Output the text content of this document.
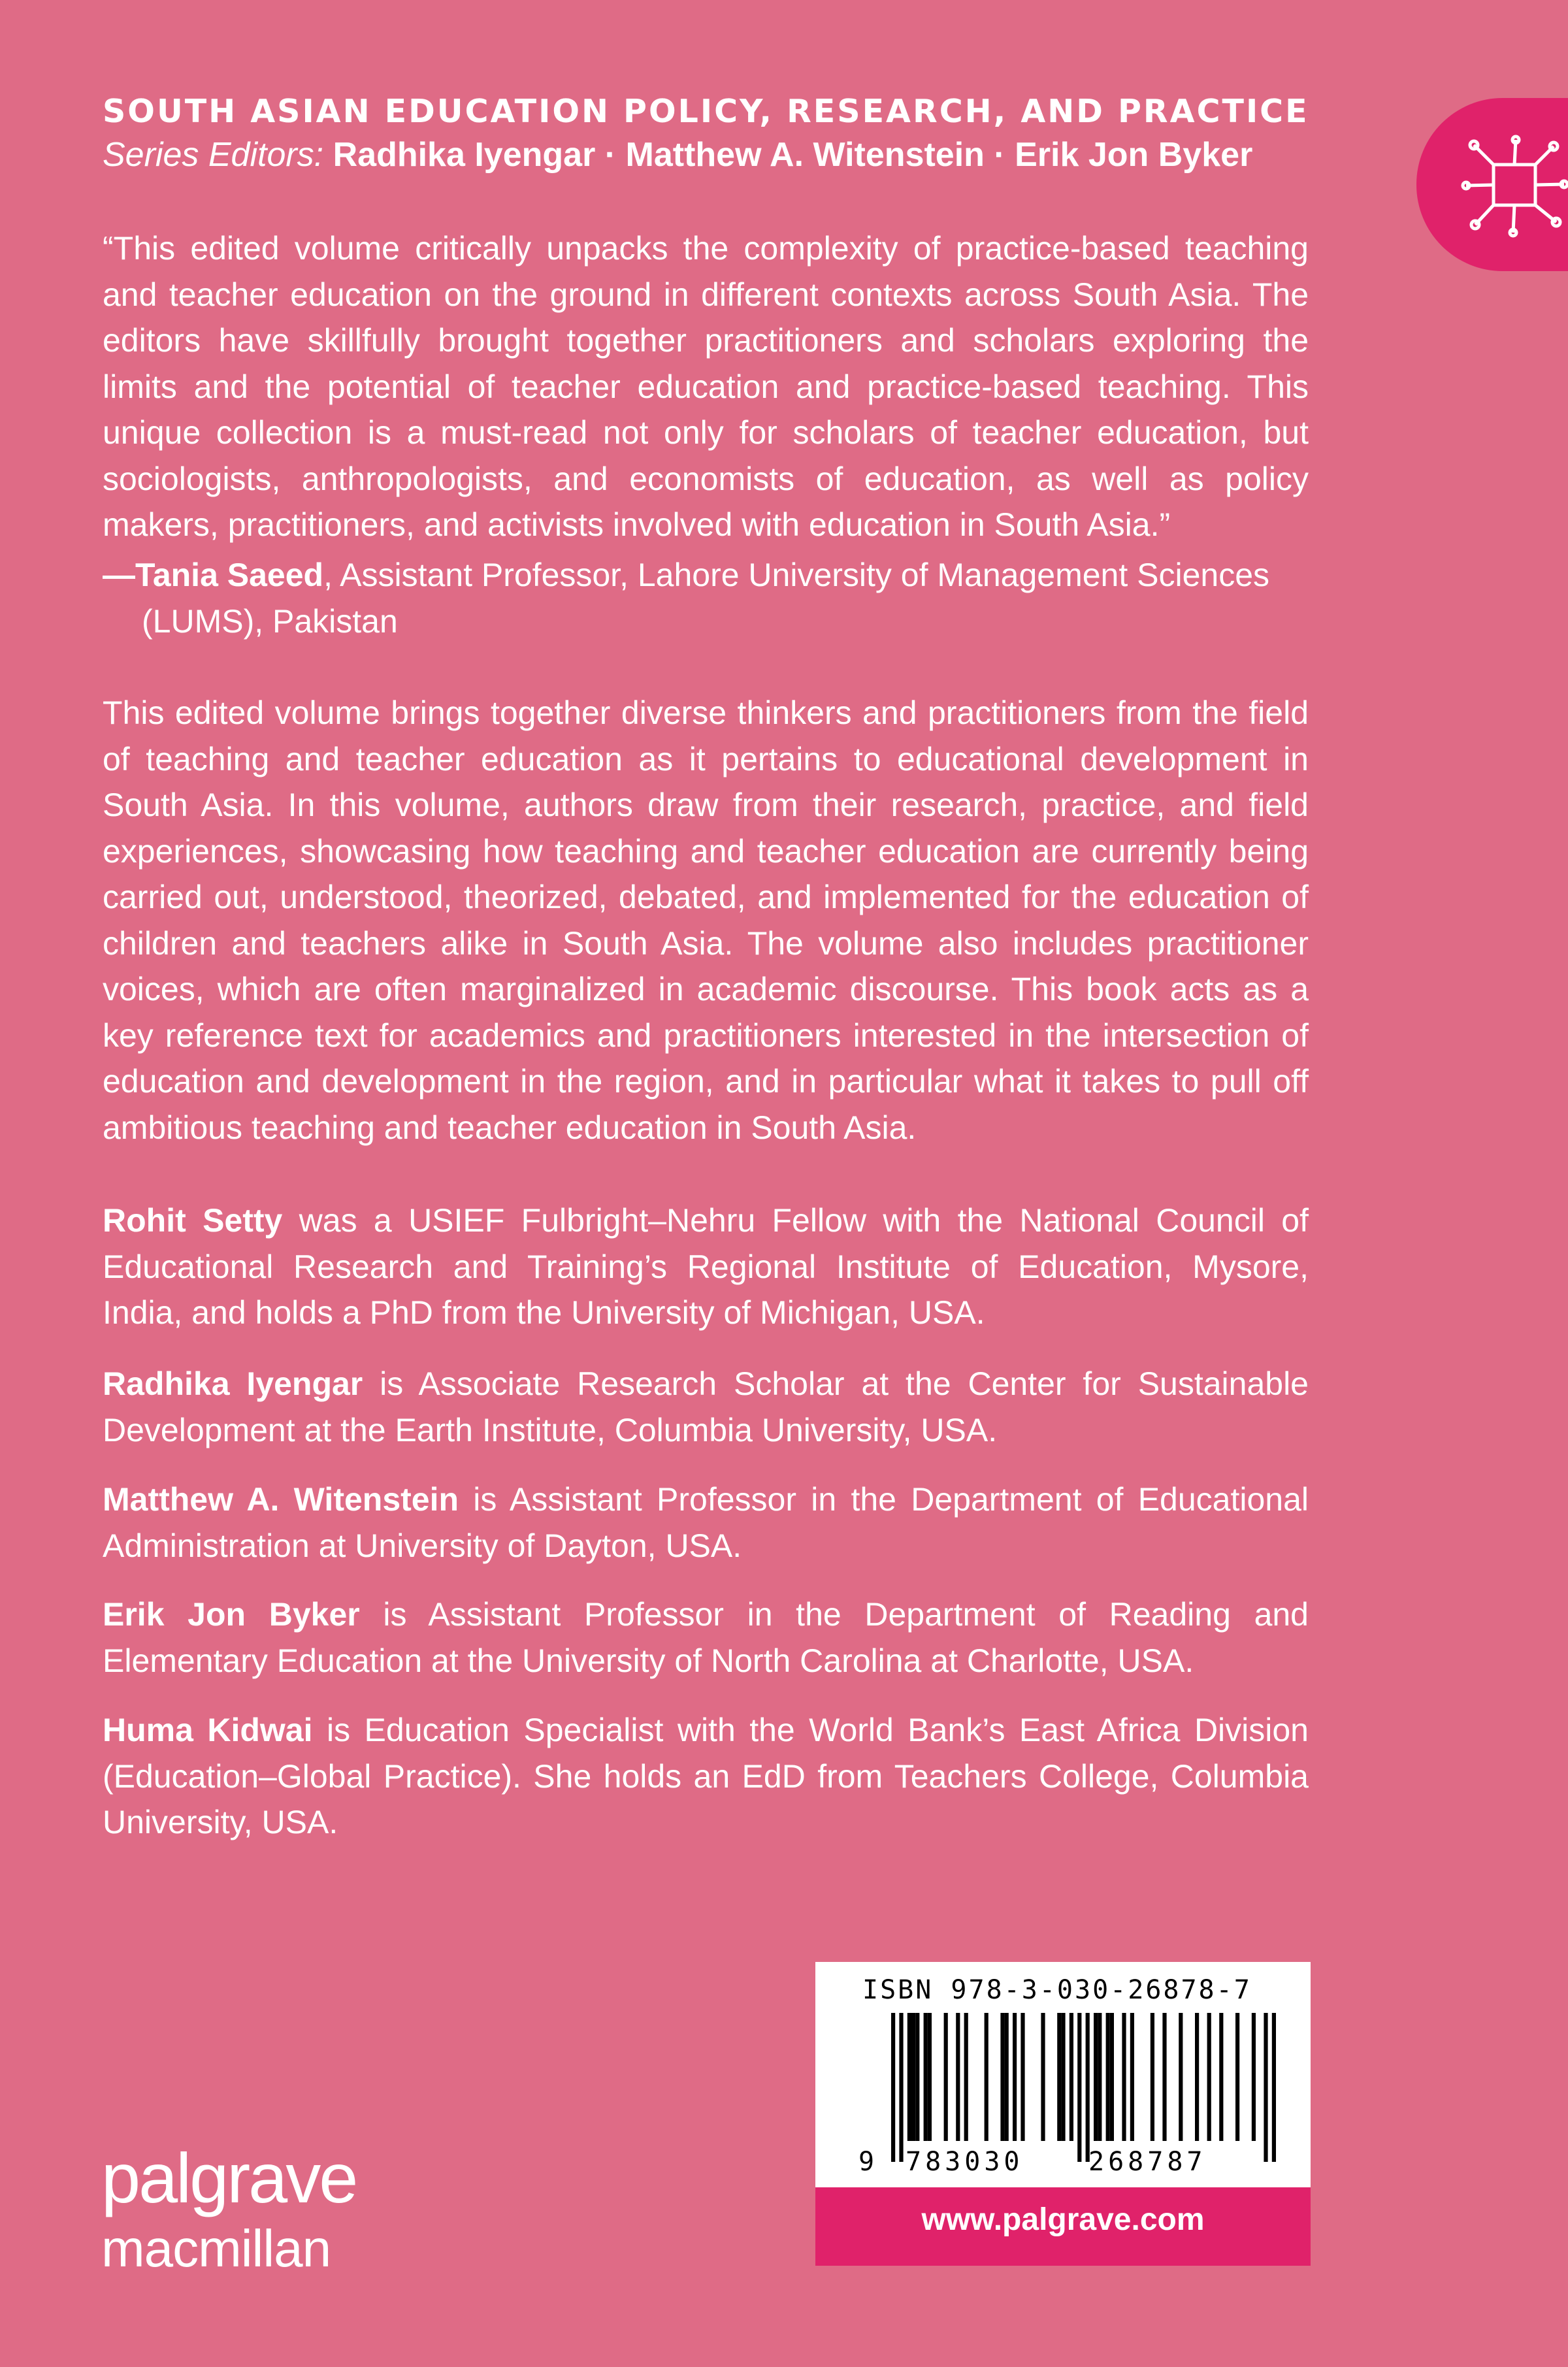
SOUTH ASIAN EDUCATION POLICY, RESEARCH, AND PRACTICE
Series Editors: Radhika Iyengar · Matthew A. Witenstein · Erik Jon Byker
“This edited volume critically unpacks the complexity of practice-based teaching and teacher education on the ground in different contexts across South Asia. The editors have skillfully brought together practitioners and scholars exploring the limits and the potential of teacher education and practice-based teaching. This unique collection is a must-read not only for scholars of teacher education, but sociologists, anthropologists, and economists of education, as well as policy makers, practitioners, and activists involved with education in South Asia.”
—Tania Saeed, Assistant Professor, Lahore University of Management Sciences (LUMS), Pakistan
This edited volume brings together diverse thinkers and practitioners from the field of teaching and teacher education as it pertains to educational development in South Asia. In this volume, authors draw from their research, practice, and field experiences, showcasing how teaching and teacher education are currently being carried out, understood, theorized, debated, and implemented for the education of children and teachers alike in South Asia. The volume also includes practitioner voices, which are often marginalized in academic discourse. This book acts as a key reference text for academics and practitioners interested in the intersection of education and development in the region, and in particular what it takes to pull off ambitious teaching and teacher education in South Asia.
Rohit Setty was a USIEF Fulbright–Nehru Fellow with the National Council of Educational Research and Training’s Regional Institute of Education, Mysore, India, and holds a PhD from the University of Michigan, USA.
Radhika Iyengar is Associate Research Scholar at the Center for Sustainable Development at the Earth Institute, Columbia University, USA.
Matthew A. Witenstein is Assistant Professor in the Department of Educational Administration at University of Dayton, USA.
Erik Jon Byker is Assistant Professor in the Department of Reading and Elementary Education at the University of North Carolina at Charlotte, USA.
Huma Kidwai is Education Specialist with the World Bank’s East Africa Division (Education–Global Practice). She holds an EdD from Teachers College, Columbia University, USA.
palgrave
macmillan
ISBN 978-3-030-26878-7
9 783030 268787
www.palgrave.com
